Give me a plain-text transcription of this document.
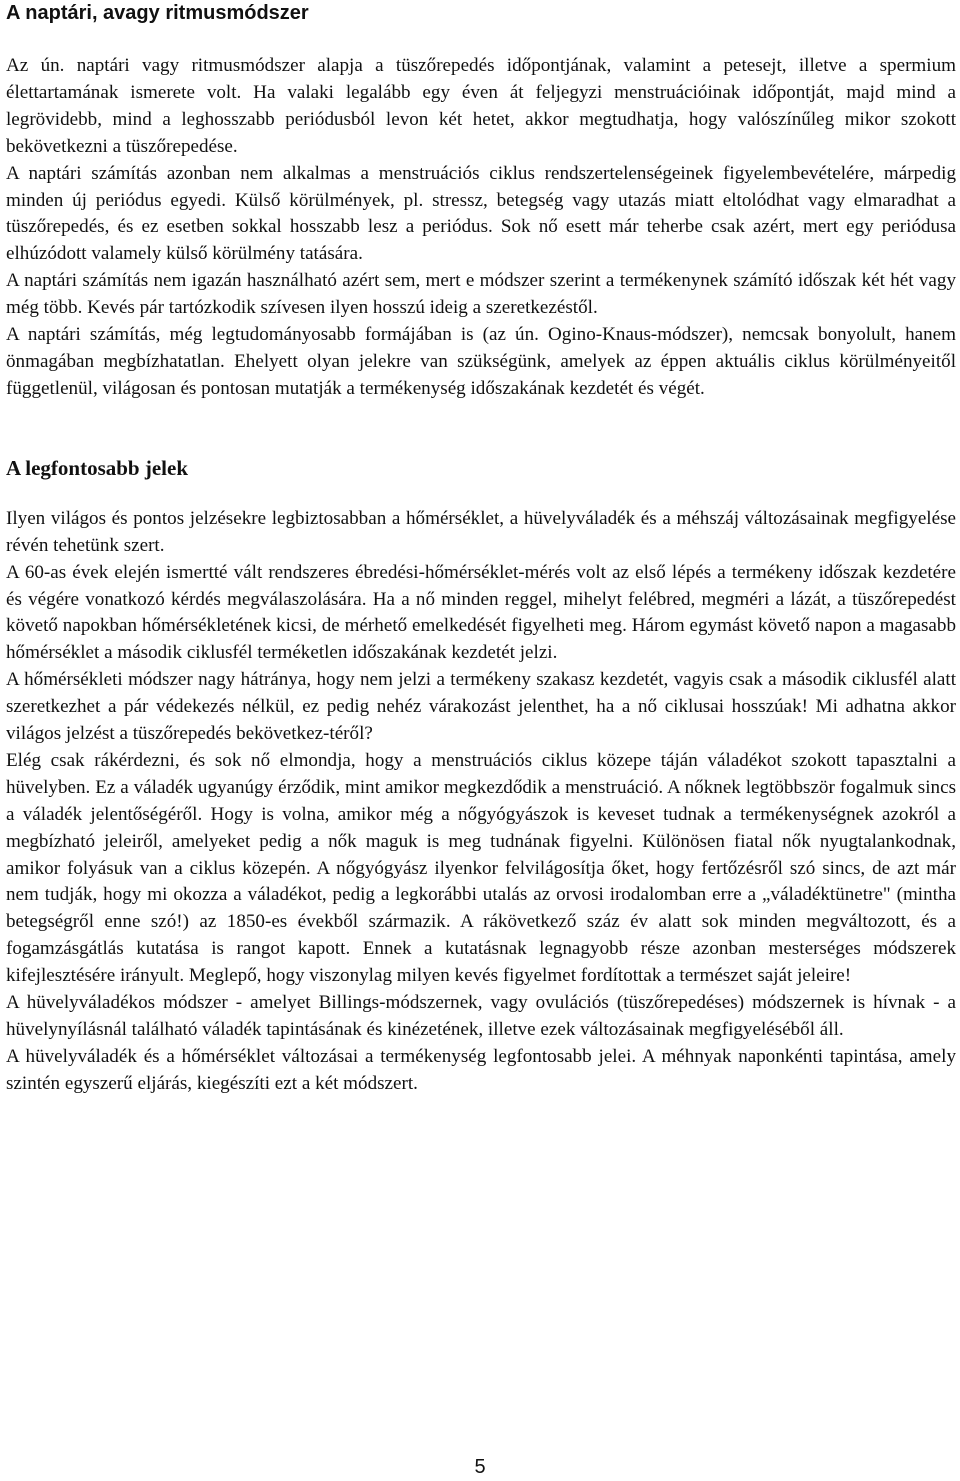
A naptári, avagy ritmusmódszer

Az ún. naptári vagy ritmusmódszer alapja a tüszőrepedés időpontjának, valamint a petesejt, illetve a spermium élettartamának ismerete volt. Ha valaki legalább egy éven át feljegyzi menstruációinak időpontját, majd mind a legrövidebb, mind a leghosszabb periódusból levon két hetet, akkor megtudhatja, hogy valószínűleg mikor szokott bekövetkezni a tüszőrepedése.

A naptári számítás azonban nem alkalmas a menstruációs ciklus rendszertelenségeinek figyelembevételére, márpedig minden új periódus egyedi. Külső körülmények, pl. stressz, betegség vagy utazás miatt eltolódhat vagy elmaradhat a tüszőrepedés, és ez esetben sokkal hosszabb lesz a periódus. Sok nő esett már teherbe csak azért, mert egy periódusa elhúzódott valamely külső körülmény tatására.

A naptári számítás nem igazán használható azért sem, mert e módszer szerint a termékenynek számító időszak két hét vagy még több. Kevés pár tartózkodik szívesen ilyen hosszú ideig a szeretkezéstől.

A naptári számítás, még legtudományosabb formájában is (az ún. Ogino-Knaus-módszer), nemcsak bonyolult, hanem önmagában megbízhatatlan. Ehelyett olyan jelekre van szükségünk, amelyek az éppen aktuális ciklus körülményeitől függetlenül, világosan és pontosan mutatják a termékenység időszakának kezdetét és végét.

A legfontosabb jelek

Ilyen világos és pontos jelzésekre legbiztosabban a hőmérséklet, a hüvelyváladék és a méhszáj változásainak megfigyelése révén tehetünk szert.

A 60-as évek elején ismertté vált rendszeres ébredési-hőmérséklet-mérés volt az első lépés a termékeny időszak kezdetére és végére vonatkozó kérdés megválaszolására. Ha a nő minden reggel, mihelyt felébred, megméri a lázát, a tüszőrepedést követő napokban hőmérsékletének kicsi, de mérhető emelkedését figyelheti meg. Három egymást követő napon a magasabb hőmérséklet a második ciklusfél terméketlen időszakának kezdetét jelzi.

A hőmérsékleti módszer nagy hátránya, hogy nem jelzi a termékeny szakasz kezdetét, vagyis csak a második ciklusfél alatt szeretkezhet a pár védekezés nélkül, ez pedig nehéz várakozást jelenthet, ha a nő ciklusai hosszúak! Mi adhatna akkor világos jelzést a tüszőrepedés bekövetkez-téről?

Elég csak rákérdezni, és sok nő elmondja, hogy a menstruációs ciklus közepe táján váladékot szokott tapasztalni a hüvelyben. Ez a váladék ugyanúgy érződik, mint amikor megkezdődik a menstruáció. A nőknek legtöbbször fogalmuk sincs a váladék jelentőségéről. Hogy is volna, amikor még a nőgyógyászok is keveset tudnak a termékenységnek azokról a megbízható jeleiről, amelyeket pedig a nők maguk is meg tudnának figyelni. Különösen fiatal nők nyugtalankodnak, amikor folyásuk van a ciklus közepén. A nőgyógyász ilyenkor felvilágosítja őket, hogy fertőzésről szó sincs, de azt már nem tudják, hogy mi okozza a váladékot, pedig a legkorábbi utalás az orvosi irodalomban erre a „váladéktünetre" (mintha betegségről enne szó!) az 1850-es évekből származik. A rákövetkező száz év alatt sok minden megváltozott, és a fogamzásgátlás kutatása is rangot kapott. Ennek a kutatásnak legnagyobb része azonban mesterséges módszerek kifejlesztésére irányult. Meglepő, hogy viszonylag milyen kevés figyelmet fordítottak a természet saját jeleire!

A hüvelyváladékos módszer - amelyet Billings-módszernek, vagy ovulációs (tüszőrepedéses) módszernek is hívnak - a hüvelynyílásnál található váladék tapintásának és kinézetének, illetve ezek változásainak megfigyeléséből áll.

A hüvelyváladék és a hőmérséklet változásai a termékenység legfontosabb jelei. A méhnyak naponkénti tapintása, amely szintén egyszerű eljárás, kiegészíti ezt a két módszert.

5
